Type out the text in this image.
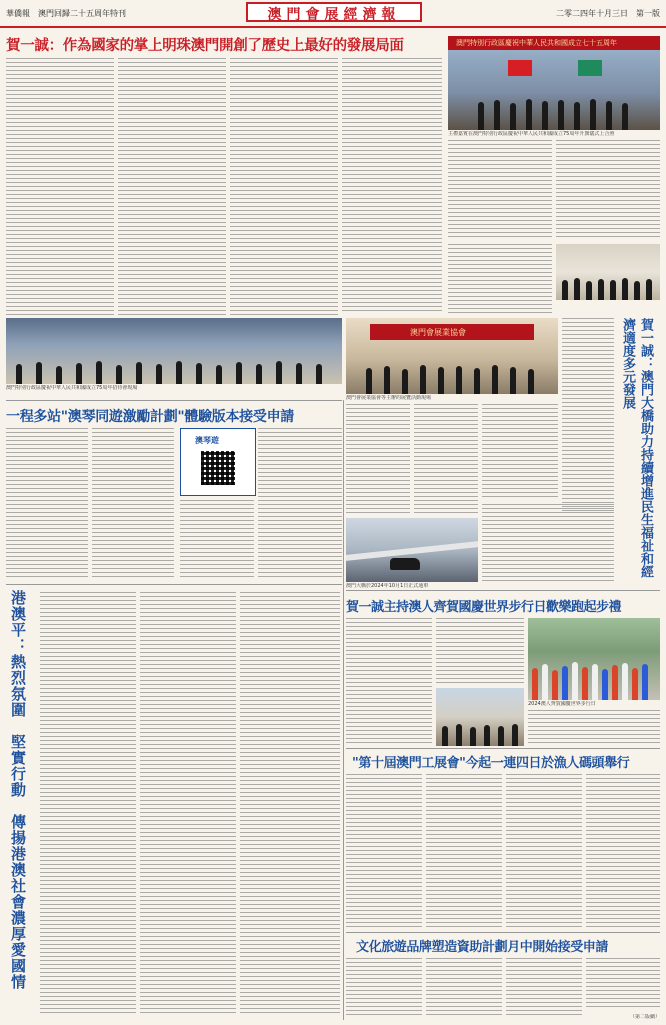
華僑報　澳門回歸二十五周年特刊	澳門會展經濟報	二零二四年十月三日　第一版
賀一誠：作為國家的掌上明珠澳門開創了歷史上最好的發展局面	澳門特別行政區慶祝中華人民共和國成立七十五周年
主禮嘉賓在澳門特別行政區慶祝中華人民共和國成立75周年升旗儀式上合照
澳門特別行政區慶祝中華人民共和國成立75周年招待會現場
一程多站"澳琴同遊激勵計劃"體驗版本接受申請
澳琴遊
澳門會展業協會
澳門會展業協會等主辦的展覽活動現場
澳門大橋於2024年10月1日正式通車
賀一誠：澳門大橋助力持續增進民生福祉和經濟適度多元發展
賀一誠主持澳人齊賀國慶世界步行日歡樂跑起步禮
2024澳人齊賀國慶世界步行日
港澳平：熱烈氛圍　堅實行動　傳揚港澳社會濃厚愛國情	"第十屆澳門工展會"今起一連四日於漁人碼頭舉行
文化旅遊品牌塑造資助計劃月中開始接受申請
（第二版續）
